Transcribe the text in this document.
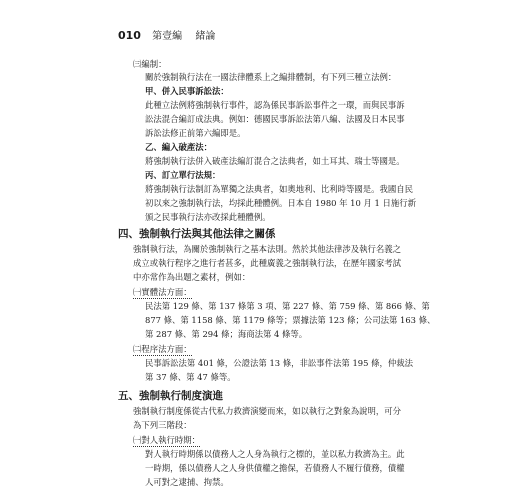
010 第壹編 緒論
㈢編制：
關於強制執行法在一國法律體系上之編排體制，有下列三種立法例：
甲、併入民事訴訟法：
此種立法例將強制執行事件，認為係民事訴訟事件之一環，而與民事訴
訟法混合編訂成法典。例如：德國民事訴訟法第八編、法國及日本民事
訴訟法修正前第六編即是。
乙、編入破產法：
將強制執行法併入破產法編訂混合之法典者，如土耳其、瑞士等國是。
丙、訂立單行法規：
將強制執行法制訂為單獨之法典者，如奧地利、比利時等國是。我國自民
初以來之強制執行法，均採此種體例。日本自 1980 年 10 月 1 日施行新
頒之民事執行法亦改採此種體例。
四、強制執行法與其他法律之關係
強制執行法，為關於強制執行之基本法則。然於其他法律涉及執行名義之
成立或執行程序之進行者甚多，此種廣義之強制執行法，在歷年國家考試
中亦常作為出題之素材，例如：
㈠實體法方面：
民法第 129 條、第 137 條第 3 項、第 227 條、第 759 條、第 866 條、第
877 條、第 1158 條、第 1179 條等；票據法第 123 條；公司法第 163 條、
第 287 條、第 294 條；海商法第 4 條等。
㈡程序法方面：
民事訴訟法第 401 條，公證法第 13 條，非訟事件法第 195 條，仲裁法
第 37 條、第 47 條等。
五、強制執行制度演進
強制執行制度係從古代私力救濟演變而來，如以執行之對象為說明，可分
為下列三階段：
㈠對人執行時期：
對人執行時期係以債務人之人身為執行之標的，並以私力救濟為主。此
一時期，係以債務人之人身供債權之擔保，若債務人不履行債務，債權
人可對之逮捕、拘禁。
